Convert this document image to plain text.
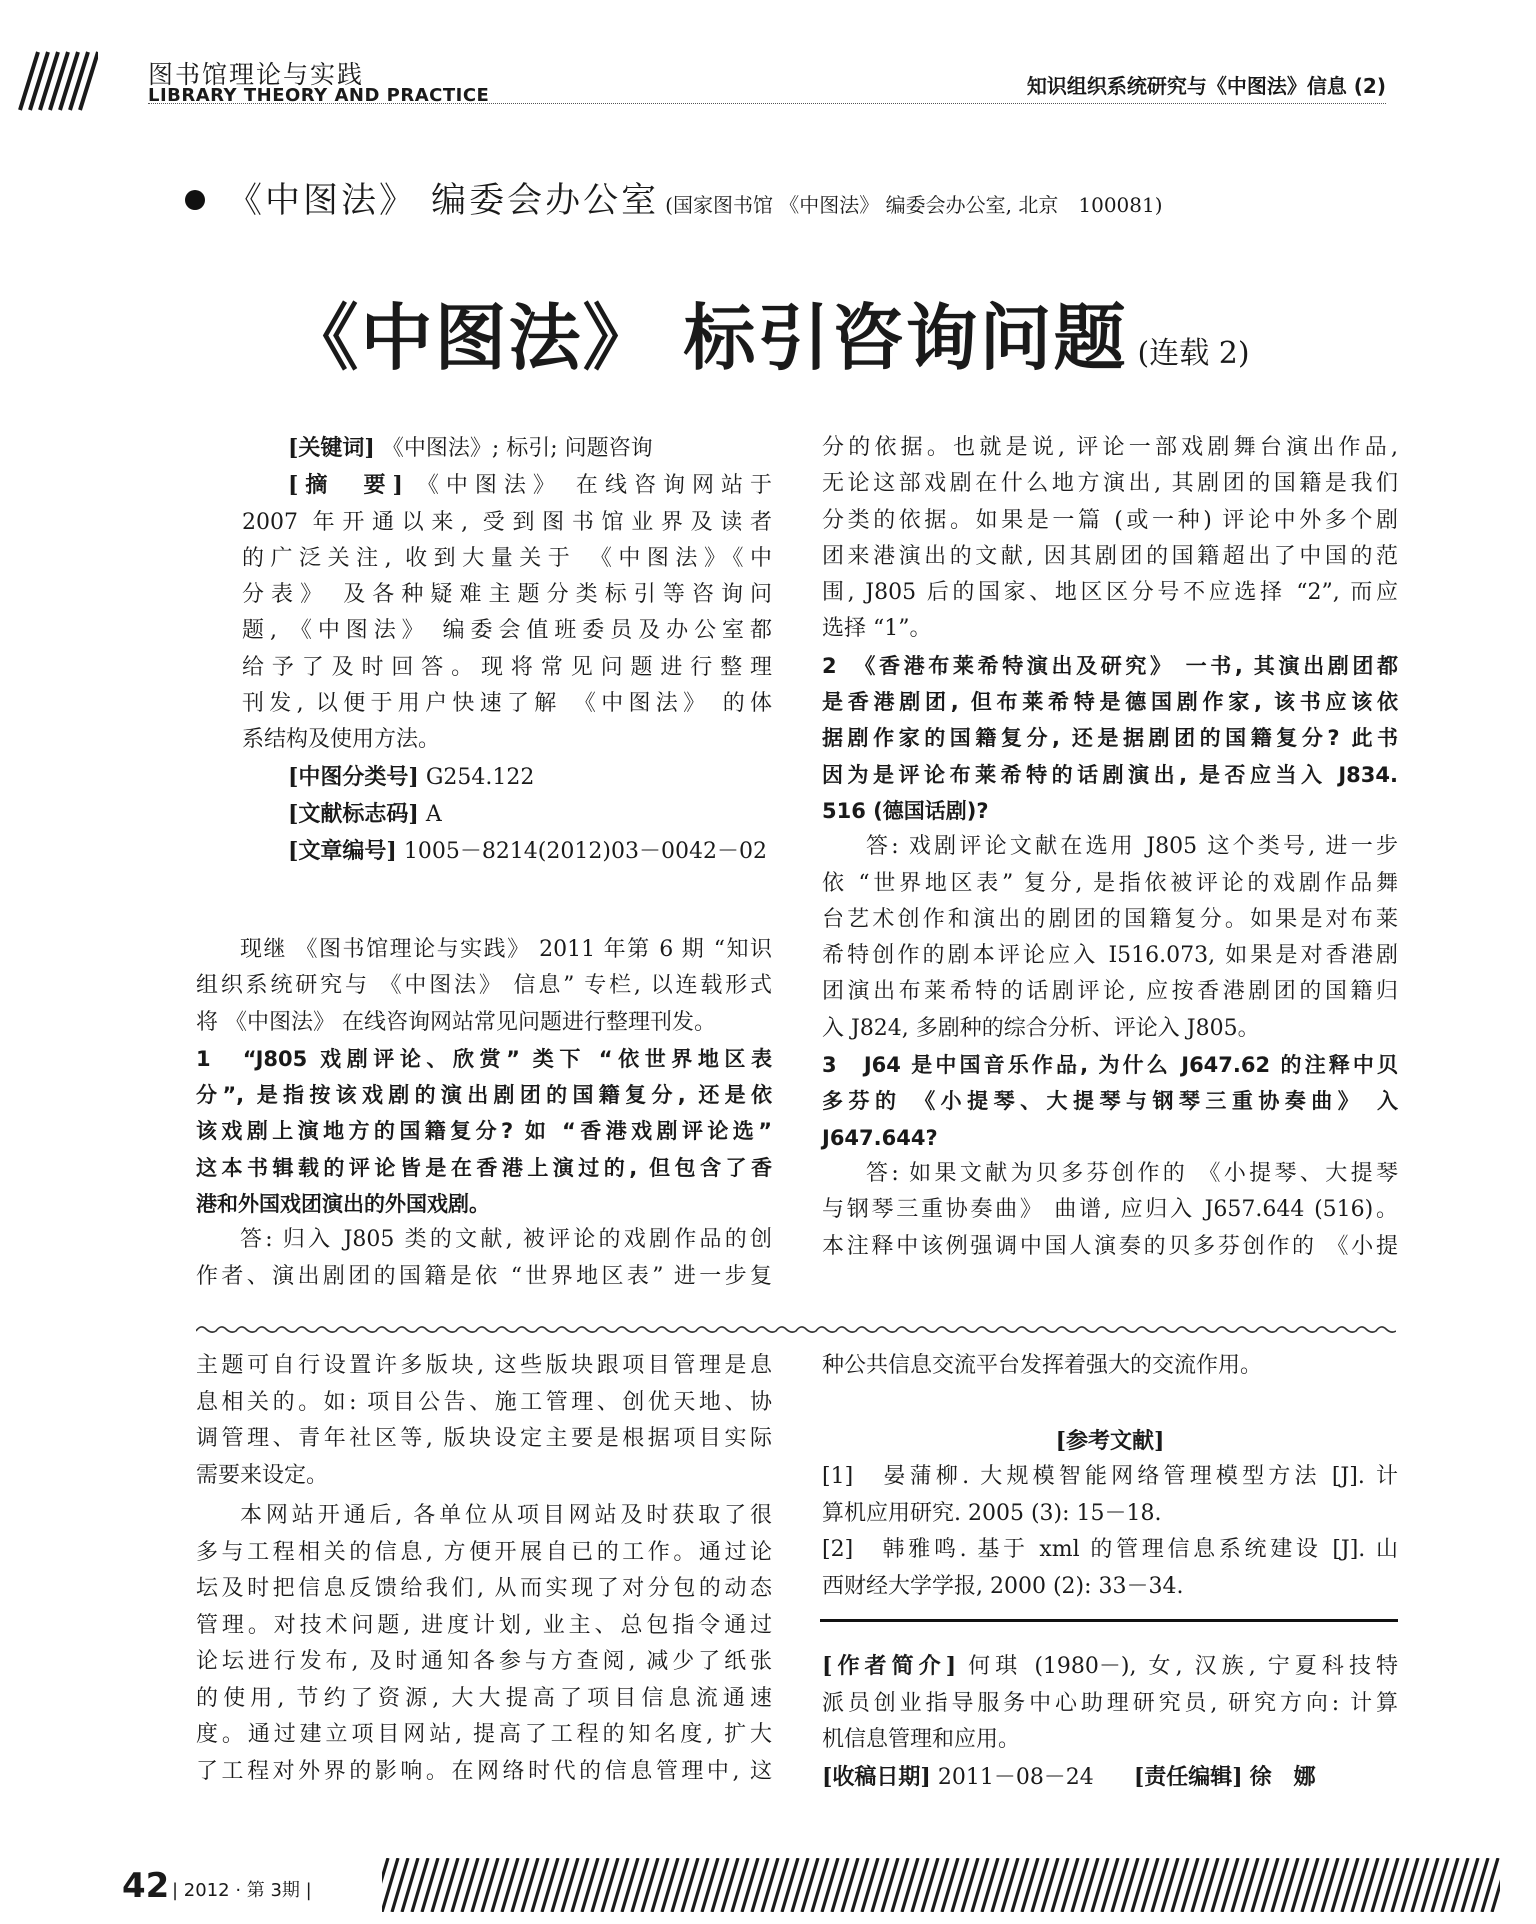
图书馆理论与实践
LIBRARY THEORY AND PRACTICE	知识组织系统研究与《中图法》信息 (2)
《中图法》 编委会办公室 (国家图书馆 《中图法》 编委会办公室, 北京　100081)
《中图法》 标引咨询问题 (连载 2)

[关键词] 《中图法》; 标引; 问题咨询

[摘　要] 《中图法》 在线咨询网站于

2007 年开通以来, 受到图书馆业界及读者

的广泛关注, 收到大量关于 《中图法》《中

分表》 及各种疑难主题分类标引等咨询问

题, 《中图法》 编委会值班委员及办公室都

给予了及时回答。现将常见问题进行整理

刊发, 以便于用户快速了解 《中图法》 的体

系结构及使用方法。

[中图分类号] G254.122

[文献标志码] A

[文章编号] 1005－8214(2012)03－0042－02

现继 《图书馆理论与实践》 2011 年第 6 期 “知识

组织系统研究与 《中图法》 信息” 专栏, 以连载形式

将 《中图法》 在线咨询网站常见问题进行整理刊发。

1　“J805 戏剧评论、欣赏” 类下 “依世界地区表

分”, 是指按该戏剧的演出剧团的国籍复分, 还是依

该戏剧上演地方的国籍复分? 如 “香港戏剧评论选”

这本书辑载的评论皆是在香港上演过的, 但包含了香

港和外国戏团演出的外国戏剧。

答: 归入 J805 类的文献, 被评论的戏剧作品的创

作者、演出剧团的国籍是依 “世界地区表” 进一步复

分的依据。也就是说, 评论一部戏剧舞台演出作品,

无论这部戏剧在什么地方演出, 其剧团的国籍是我们

分类的依据。如果是一篇 (或一种) 评论中外多个剧

团来港演出的文献, 因其剧团的国籍超出了中国的范

围, J805 后的国家、地区区分号不应选择 “2”, 而应

选择 “1”。

2　《香港布莱希特演出及研究》 一书, 其演出剧团都

是香港剧团, 但布莱希特是德国剧作家, 该书应该依

据剧作家的国籍复分, 还是据剧团的国籍复分? 此书

因为是评论布莱希特的话剧演出, 是否应当入 J834.

516 (德国话剧)?

答: 戏剧评论文献在选用 J805 这个类号, 进一步

依 “世界地区表” 复分, 是指依被评论的戏剧作品舞

台艺术创作和演出的剧团的国籍复分。如果是对布莱

希特创作的剧本评论应入 I516.073, 如果是对香港剧

团演出布莱希特的话剧评论, 应按香港剧团的国籍归

入 J824, 多剧种的综合分析、评论入 J805。

3　J64 是中国音乐作品, 为什么 J647.62 的注释中贝

多芬的 《小提琴、大提琴与钢琴三重协奏曲》 入

J647.644?

答: 如果文献为贝多芬创作的 《小提琴、大提琴

与钢琴三重协奏曲》 曲谱, 应归入 J657.644 (516)。

本注释中该例强调中国人演奏的贝多芬创作的 《小提

主题可自行设置许多版块, 这些版块跟项目管理是息

息相关的。如: 项目公告、施工管理、创优天地、协

调管理、青年社区等, 版块设定主要是根据项目实际

需要来设定。

本网站开通后, 各单位从项目网站及时获取了很

多与工程相关的信息, 方便开展自已的工作。通过论

坛及时把信息反馈给我们, 从而实现了对分包的动态

管理。对技术问题, 进度计划, 业主、总包指令通过

论坛进行发布, 及时通知各参与方查阅, 减少了纸张

的使用, 节约了资源, 大大提高了项目信息流通速

度。通过建立项目网站, 提高了工程的知名度, 扩大

了工程对外界的影响。在网络时代的信息管理中, 这

种公共信息交流平台发挥着强大的交流作用。

[参考文献]

[1]　晏蒲柳. 大规模智能网络管理模型方法 [J]. 计

算机应用研究. 2005 (3): 15－18.

[2]　韩雅鸣. 基于 xml 的管理信息系统建设 [J]. 山

西财经大学学报, 2000 (2): 33－34.

[作者简介] 何琪 (1980－), 女, 汉族, 宁夏科技特

派员创业指导服务中心助理研究员, 研究方向: 计算

机信息管理和应用。

[收稿日期] 2011－08－24 [责任编辑] 徐　娜

42 | 2012 · 第 3期 |
